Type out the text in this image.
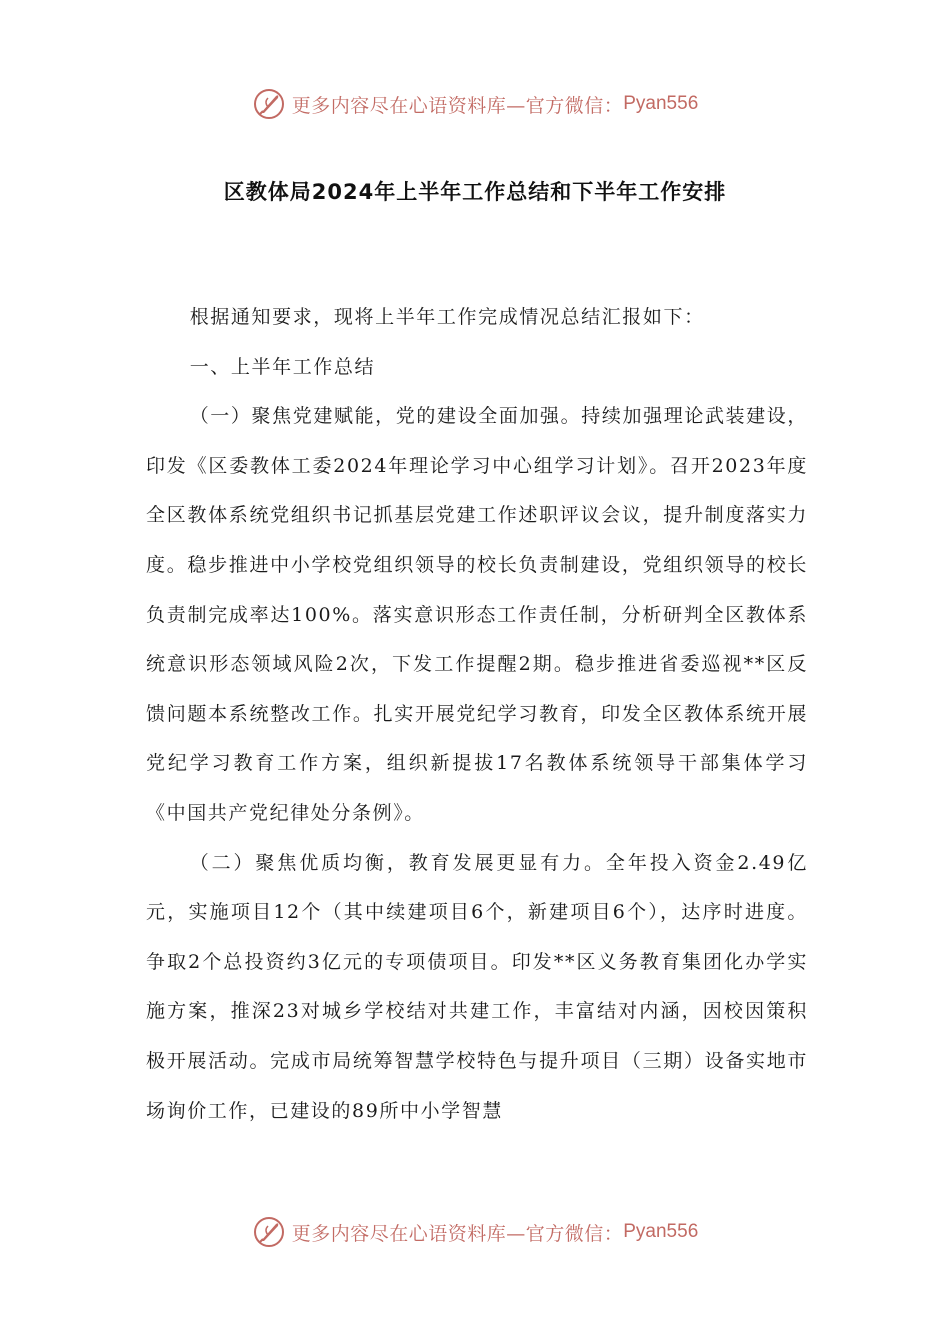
更多内容尽在心语资料库—官方微信： Pyan556
区教体局2024年上半年工作总结和下半年工作安排

根据通知要求，现将上半年工作完成情况总结汇报如下：

一、上半年工作总结

（一）聚焦党建赋能，党的建设全面加强。持续加强理论武装建设，印发《区委教体工委2024年理论学习中心组学习计划》。召开2023年度全区教体系统党组织书记抓基层党建工作述职评议会议，提升制度落实力度。稳步推进中小学校党组织领导的校长负责制建设，党组织领导的校长负责制完成率达100%。落实意识形态工作责任制，分析研判全区教体系统意识形态领域风险2次，下发工作提醒2期。稳步推进省委巡视**区反馈问题本系统整改工作。扎实开展党纪学习教育，印发全区教体系统开展党纪学习教育工作方案，组织新提拔17名教体系统领导干部集体学习《中国共产党纪律处分条例》。

（二）聚焦优质均衡，教育发展更显有力。全年投入资金2.49亿元，实施项目12个（其中续建项目6个，新建项目6个），达序时进度。争取2个总投资约3亿元的专项债项目。印发**区义务教育集团化办学实施方案，推深23对城乡学校结对共建工作，丰富结对内涵，因校因策积极开展活动。完成市局统筹智慧学校特色与提升项目（三期）设备实地市场询价工作，已建设的89所中小学智慧

更多内容尽在心语资料库—官方微信： Pyan556
